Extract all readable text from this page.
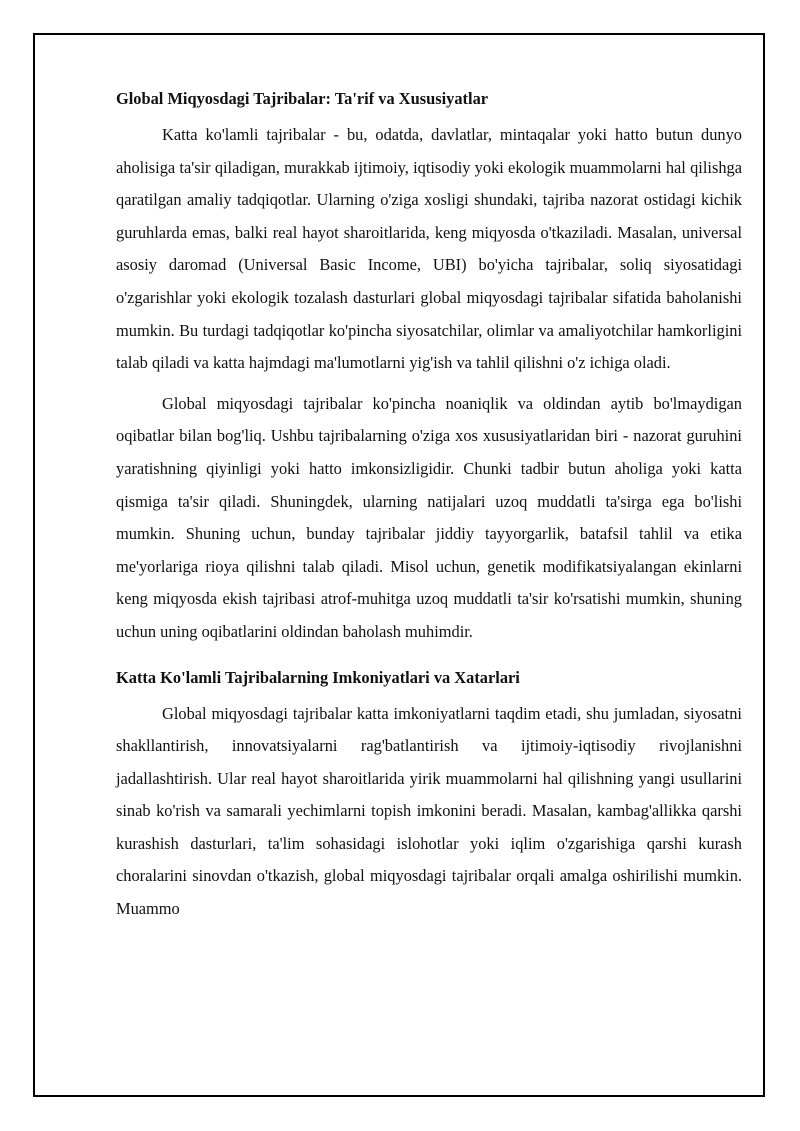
Global Miqyosdagi Tajribalar: Ta'rif va Xususiyatlar

Katta ko'lamli tajribalar - bu, odatda, davlatlar, mintaqalar yoki hatto butun dunyo aholisiga ta'sir qiladigan, murakkab ijtimoiy, iqtisodiy yoki ekologik muammolarni hal qilishga qaratilgan amaliy tadqiqotlar. Ularning o'ziga xosligi shundaki, tajriba nazorat ostidagi kichik guruhlarda emas, balki real hayot sharoitlarida, keng miqyosda o'tkaziladi. Masalan, universal asosiy daromad (Universal Basic Income, UBI) bo'yicha tajribalar, soliq siyosatidagi o'zgarishlar yoki ekologik tozalash dasturlari global miqyosdagi tajribalar sifatida baholanishi mumkin. Bu turdagi tadqiqotlar ko'pincha siyosatchilar, olimlar va amaliyotchilar hamkorligini talab qiladi va katta hajmdagi ma'lumotlarni yig'ish va tahlil qilishni o'z ichiga oladi.

Global miqyosdagi tajribalar ko'pincha noaniqlik va oldindan aytib bo'lmaydigan oqibatlar bilan bog'liq. Ushbu tajribalarning o'ziga xos xususiyatlaridan biri - nazorat guruhini yaratishning qiyinligi yoki hatto imkonsizligidir. Chunki tadbir butun aholiga yoki katta qismiga ta'sir qiladi. Shuningdek, ularning natijalari uzoq muddatli ta'sirga ega bo'lishi mumkin. Shuning uchun, bunday tajribalar jiddiy tayyorgarlik, batafsil tahlil va etika me'yorlariga rioya qilishni talab qiladi. Misol uchun, genetik modifikatsiyalangan ekinlarni keng miqyosda ekish tajribasi atrof-muhitga uzoq muddatli ta'sir ko'rsatishi mumkin, shuning uchun uning oqibatlarini oldindan baholash muhimdir.

Katta Ko'lamli Tajribalarning Imkoniyatlari va Xatarlari

Global miqyosdagi tajribalar katta imkoniyatlarni taqdim etadi, shu jumladan, siyosatni shakllantirish, innovatsiyalarni rag'batlantirish va ijtimoiy-iqtisodiy rivojlanishni jadallashtirish. Ular real hayot sharoitlarida yirik muammolarni hal qilishning yangi usullarini sinab ko'rish va samarali yechimlarni topish imkonini beradi. Masalan, kambag'allikka qarshi kurashish dasturlari, ta'lim sohasidagi islohotlar yoki iqlim o'zgarishiga qarshi kurash choralarini sinovdan o'tkazish, global miqyosdagi tajribalar orqali amalga oshirilishi mumkin. Muammo
